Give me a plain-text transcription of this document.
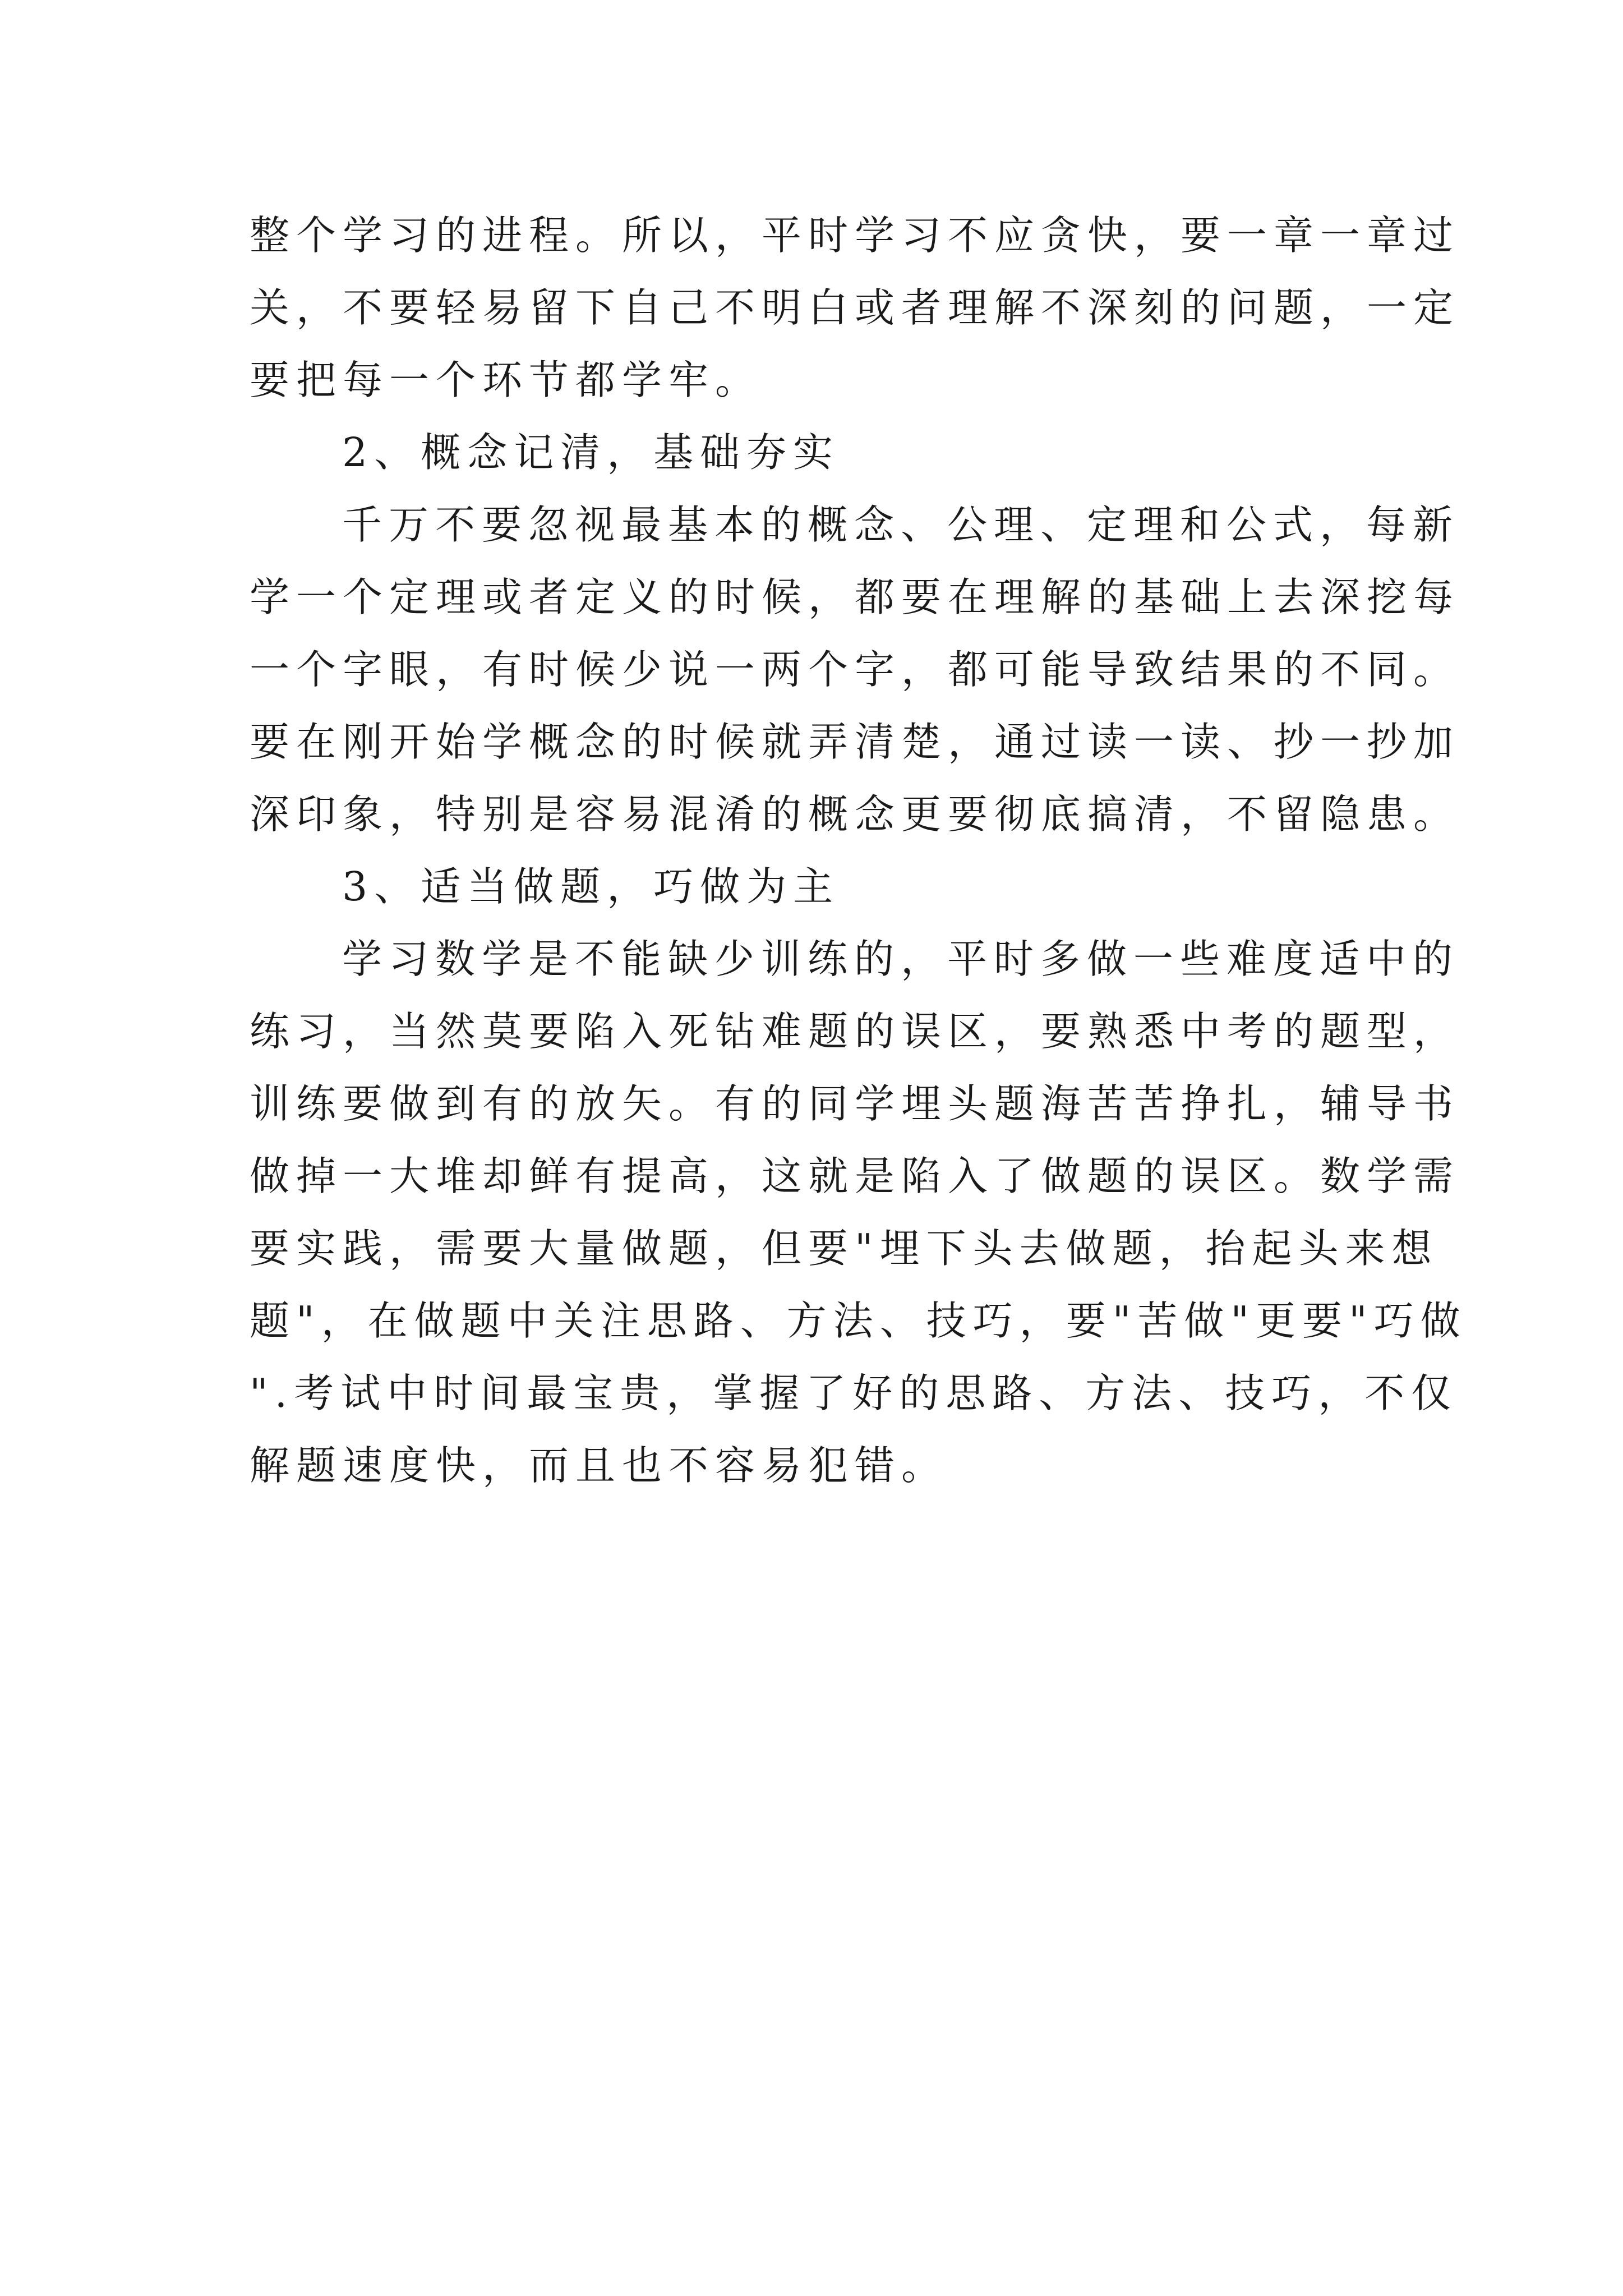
整个学习的进程。所以，平时学习不应贪快，要一章一章过
关，不要轻易留下自己不明白或者理解不深刻的问题，一定
要把每一个环节都学牢。
2、概念记清，基础夯实
千万不要忽视最基本的概念、公理、定理和公式，每新
学一个定理或者定义的时候，都要在理解的基础上去深挖每
一个字眼，有时候少说一两个字，都可能导致结果的不同。
要在刚开始学概念的时候就弄清楚，通过读一读、抄一抄加
深印象，特别是容易混淆的概念更要彻底搞清，不留隐患。
3、适当做题，巧做为主
学习数学是不能缺少训练的，平时多做一些难度适中的
练习，当然莫要陷入死钻难题的误区，要熟悉中考的题型，
训练要做到有的放矢。有的同学埋头题海苦苦挣扎，辅导书
做掉一大堆却鲜有提高，这就是陷入了做题的误区。数学需
要实践，需要大量做题，但要"埋下头去做题，抬起头来想
题"，在做题中关注思路、方法、技巧，要"苦做"更要"巧做
".考试中时间最宝贵，掌握了好的思路、方法、技巧，不仅
解题速度快，而且也不容易犯错。
